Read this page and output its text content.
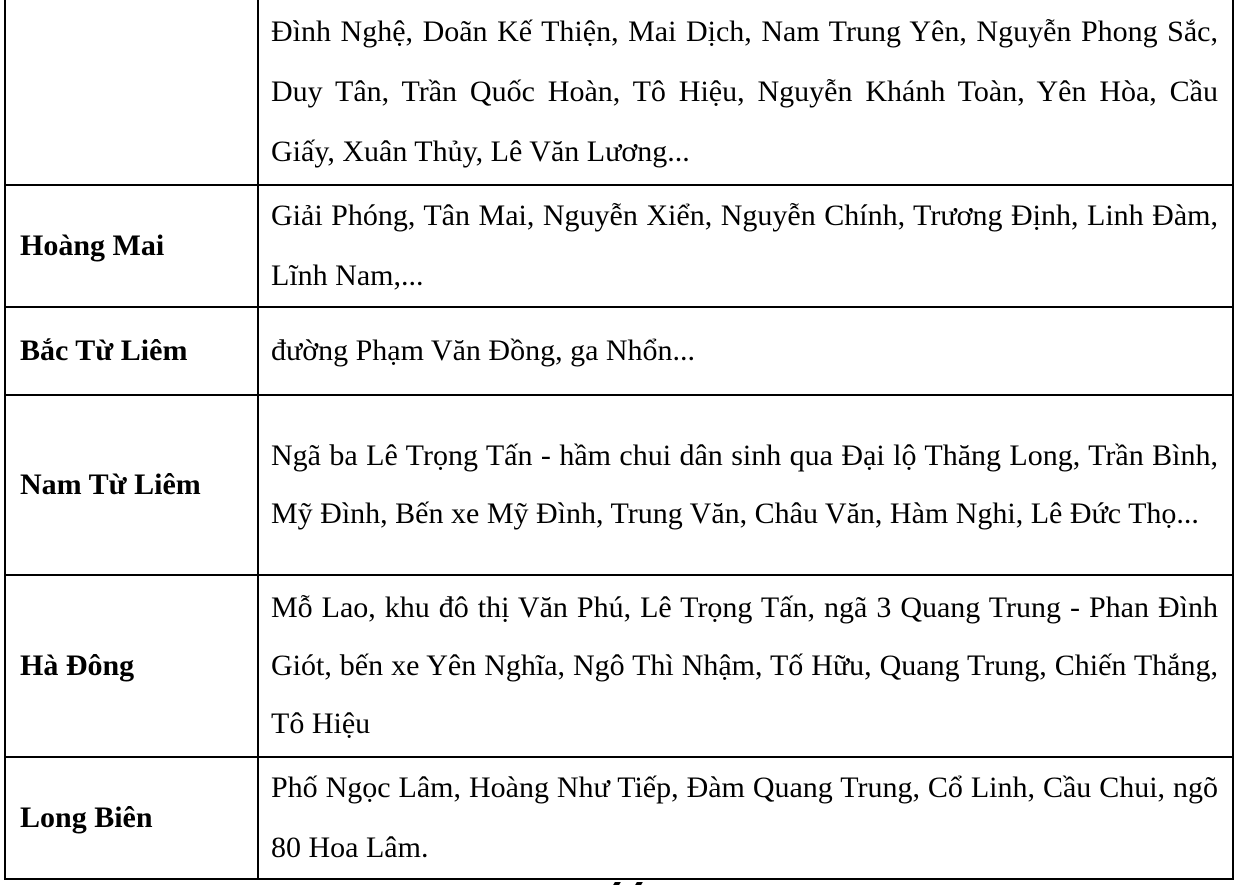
	Đình Nghệ, Doãn Kế Thiện, Mai Dịch, Nam Trung Yên, Nguyễn Phong Sắc, Duy Tân, Trần Quốc Hoàn, Tô Hiệu, Nguyễn Khánh Toàn, Yên Hòa, Cầu Giấy, Xuân Thủy, Lê Văn Lương...
Hoàng Mai	Giải Phóng, Tân Mai, Nguyễn Xiển, Nguyễn Chính, Trương Định, Linh Đàm, Lĩnh Nam,...
Bắc Từ Liêm	đường Phạm Văn Đồng, ga Nhổn...
Nam Từ Liêm	Ngã ba Lê Trọng Tấn - hầm chui dân sinh qua Đại lộ Thăng Long, Trần Bình, Mỹ Đình, Bến xe Mỹ Đình, Trung Văn, Châu Văn, Hàm Nghi, Lê Đức Thọ...
Hà Đông	Mỗ Lao, khu đô thị Văn Phú, Lê Trọng Tấn, ngã 3 Quang Trung - Phan Đình Giót, bến xe Yên Nghĩa, Ngô Thì Nhậm, Tố Hữu, Quang Trung, Chiến Thắng, Tô Hiệu
Long Biên	Phố Ngọc Lâm, Hoàng Như Tiếp, Đàm Quang Trung, Cổ Linh, Cầu Chui, ngõ 80 Hoa Lâm.
